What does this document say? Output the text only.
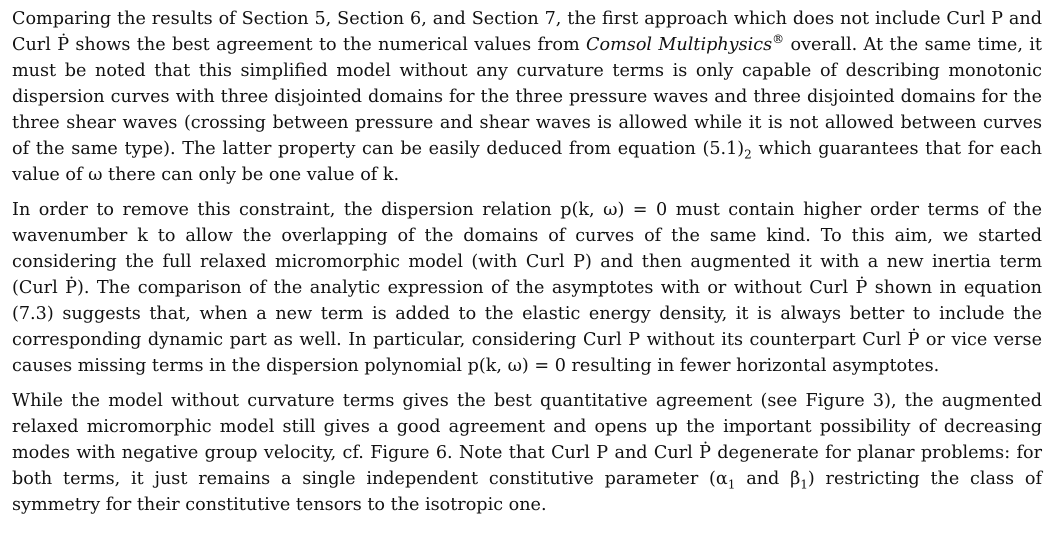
Comparing the results of Section 5, Section 6, and Section 7, the first approach which does not include Curl P and Curl Ṗ shows the best agreement to the numerical values from Comsol Multiphysics® overall. At the same time, it must be noted that this simplified model without any curvature terms is only capable of describing monotonic dispersion curves with three disjointed domains for the three pressure waves and three disjointed domains for the three shear waves (crossing between pressure and shear waves is allowed while it is not allowed between curves of the same type). The latter property can be easily deduced from equation $(5.1)_2$ which guarantees that for each value of ω there can only be one value of k.

In order to remove this constraint, the dispersion relation p(k, ω) = 0 must contain higher order terms of the wavenumber k to allow the overlapping of the domains of curves of the same kind. To this aim, we started considering the full relaxed micromorphic model (with Curl P) and then augmented it with a new inertia term (Curl Ṗ). The comparison of the analytic expression of the asymptotes with or without Curl Ṗ shown in equation (7.3) suggests that, when a new term is added to the elastic energy density, it is always better to include the corresponding dynamic part as well. In particular, considering Curl P without its counterpart Curl Ṗ or vice verse causes missing terms in the dispersion polynomial p(k, ω) = 0 resulting in fewer horizontal asymptotes.

While the model without curvature terms gives the best quantitative agreement (see Figure 3), the augmented relaxed micromorphic model still gives a good agreement and opens up the important possibility of decreasing modes with negative group velocity, cf. Figure 6. Note that Curl P and Curl Ṗ degenerate for planar problems: for both terms, it just remains a single independent constitutive parameter ($\alpha_1$ and $\beta_1$) restricting the class of symmetry for their constitutive tensors to the isotropic one.
